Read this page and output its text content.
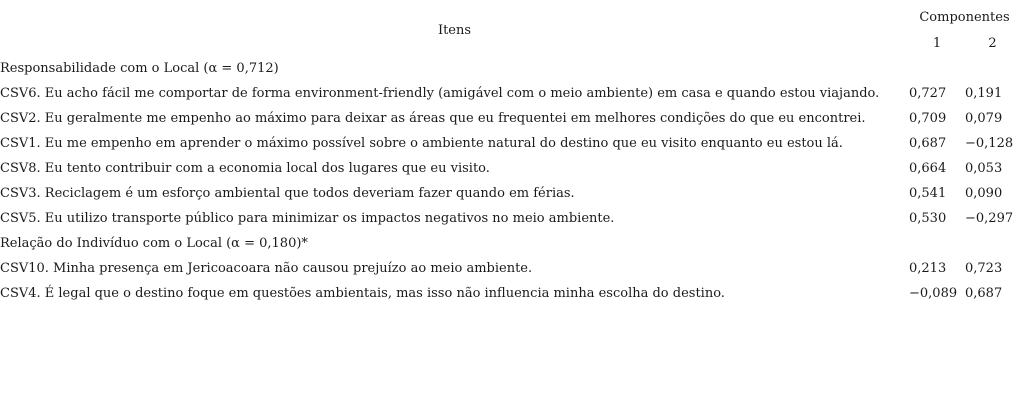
Itens	Componentes	
	1	2
Responsabilidade com o Local (α = 0,712)		
CSV6. Eu acho fácil me comportar de forma environment-friendly (amigável com o meio ambiente) em casa e quando estou viajando.	0,727	0,191
CSV2. Eu geralmente me empenho ao máximo para deixar as áreas que eu frequentei em melhores condições do que eu encontrei.	0,709	0,079
CSV1. Eu me empenho em aprender o máximo possível sobre o ambiente natural do destino que eu visito enquanto eu estou lá.	0,687	−0,128
CSV8. Eu tento contribuir com a economia local dos lugares que eu visito.	0,664	0,053
CSV3. Reciclagem é um esforço ambiental que todos deveriam fazer quando em férias.	0,541	0,090
CSV5. Eu utilizo transporte público para minimizar os impactos negativos no meio ambiente.	0,530	−0,297
Relação do Indivíduo com o Local (α = 0,180)*		
CSV10. Minha presença em Jericoacoara não causou prejuízo ao meio ambiente.	0,213	0,723
CSV4. É legal que o destino foque em questões ambientais, mas isso não influencia minha escolha do destino.	−0,089	0,687
